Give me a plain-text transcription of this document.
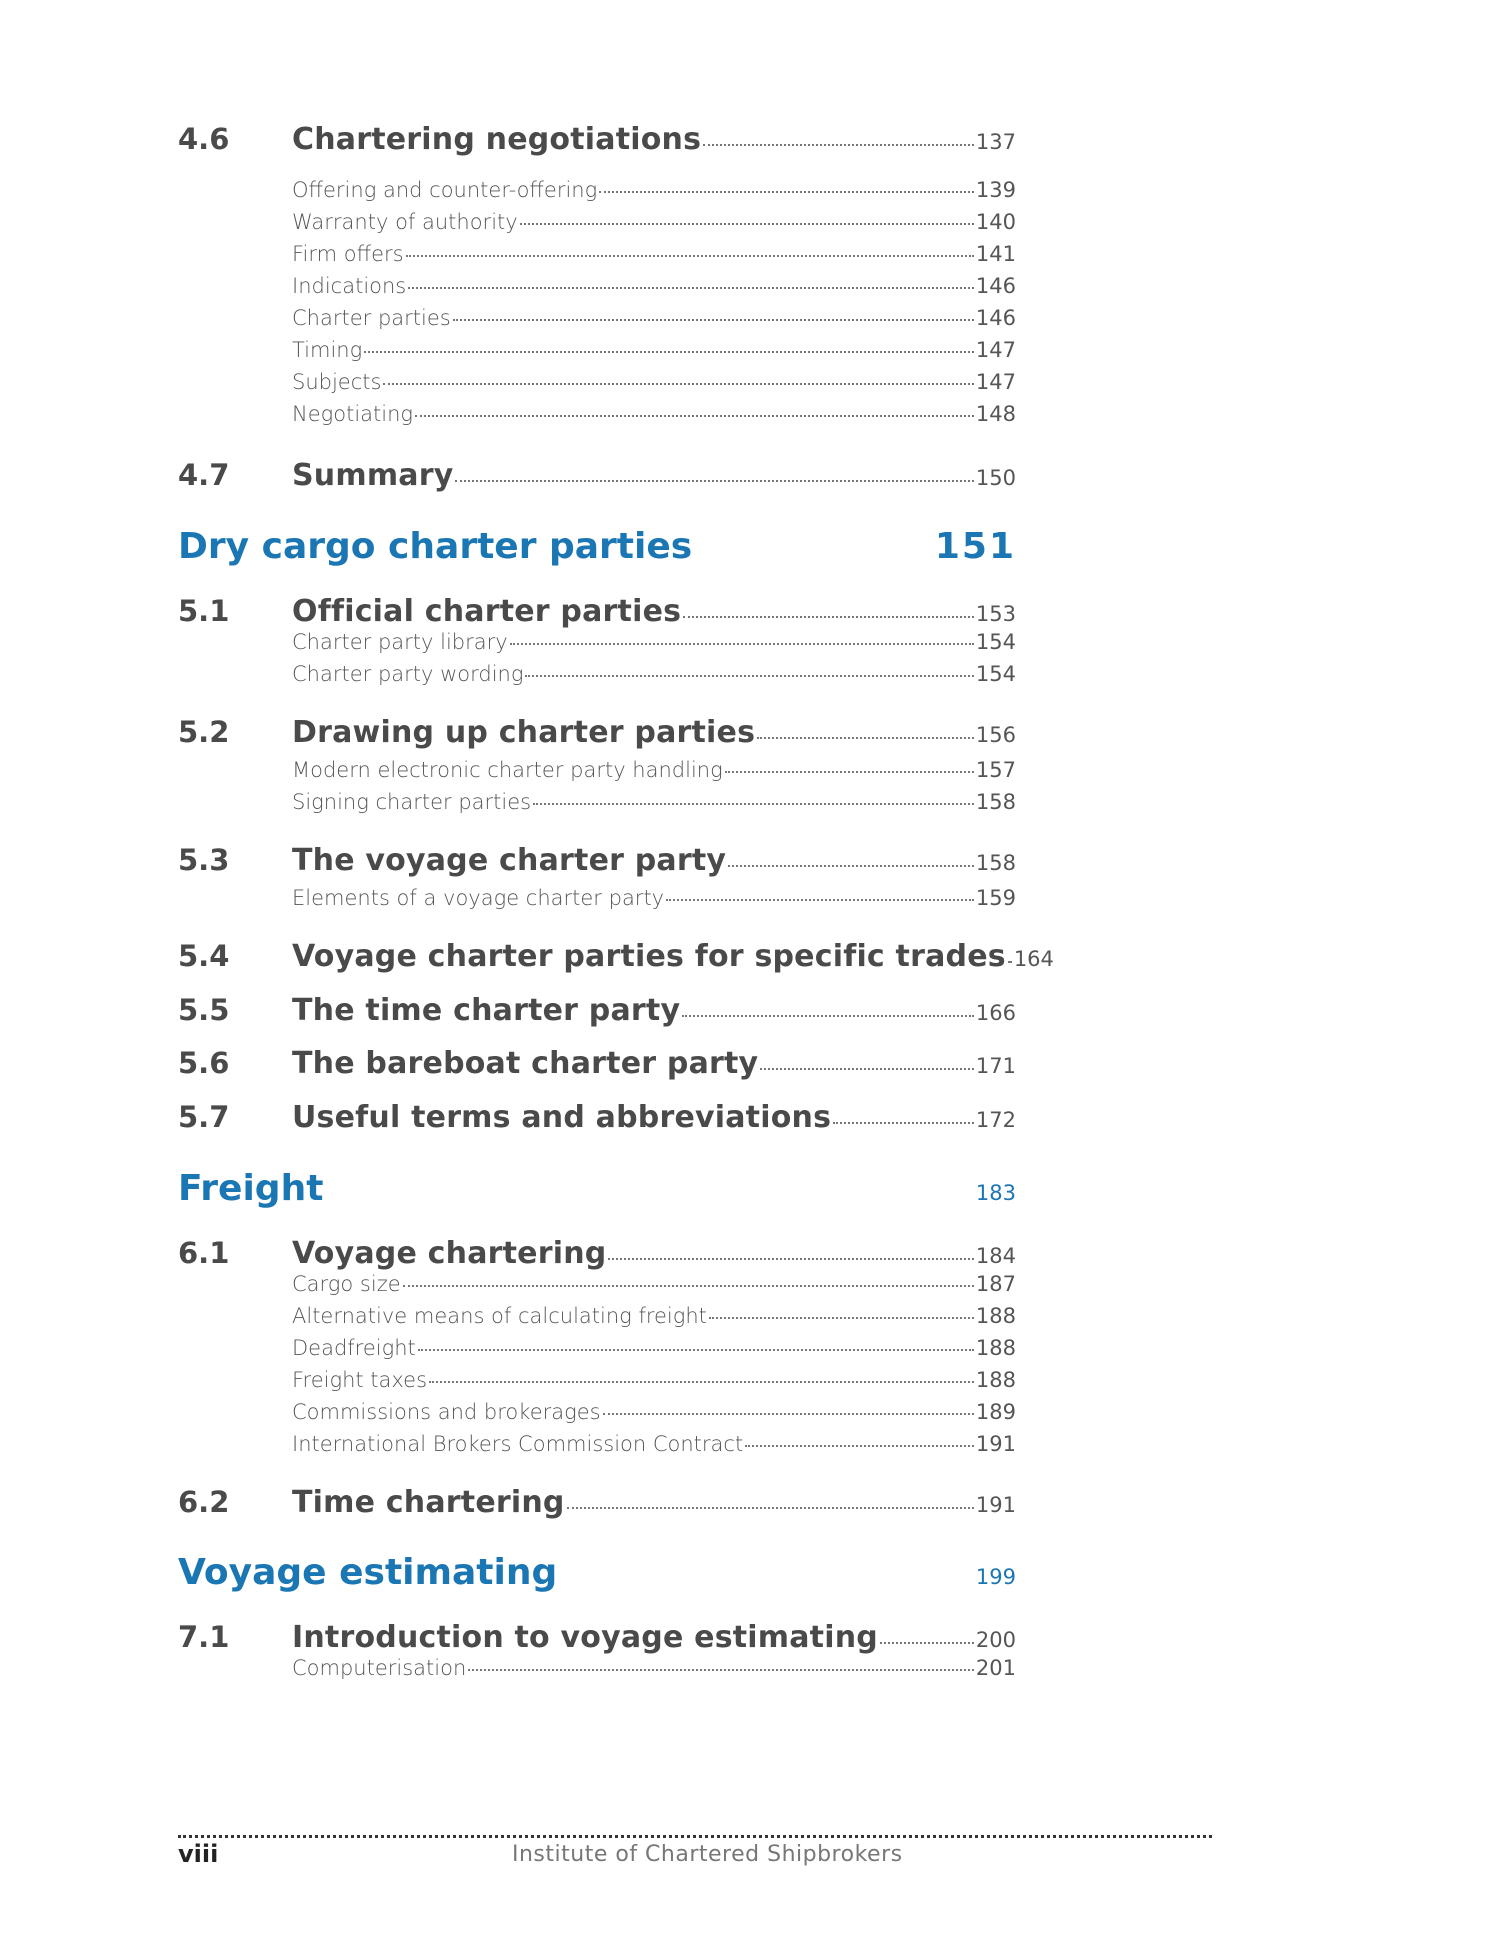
4.6	Chartering negotiations	137
Offering and counter-offering	139
Warranty of authority	140
Firm offers	141
Indications	146
Charter parties	146
Timing	147
Subjects	147
Negotiating	148
4.7	Summary	150
Dry cargo charter parties	151
5.1	Official charter parties	153
Charter party library	154
Charter party wording	154
5.2	Drawing up charter parties	156
Modern electronic charter party handling	157
Signing charter parties	158
5.3	The voyage charter party	158
Elements of a voyage charter party	159
5.4	Voyage charter parties for specific trades 164
5.5	The time charter party	166
5.6	The bareboat charter party	171
5.7	Useful terms and abbreviations	172
Freight	183
6.1	Voyage chartering	184
Cargo size	187
Alternative means of calculating freight	188
Deadfreight	188
Freight taxes	188
Commissions and brokerages	189
International Brokers Commission Contract	191
6.2	Time chartering	191
Voyage estimating	199
7.1	Introduction to voyage estimating	200
Computerisation	201
viii	Institute of Chartered Shipbrokers
